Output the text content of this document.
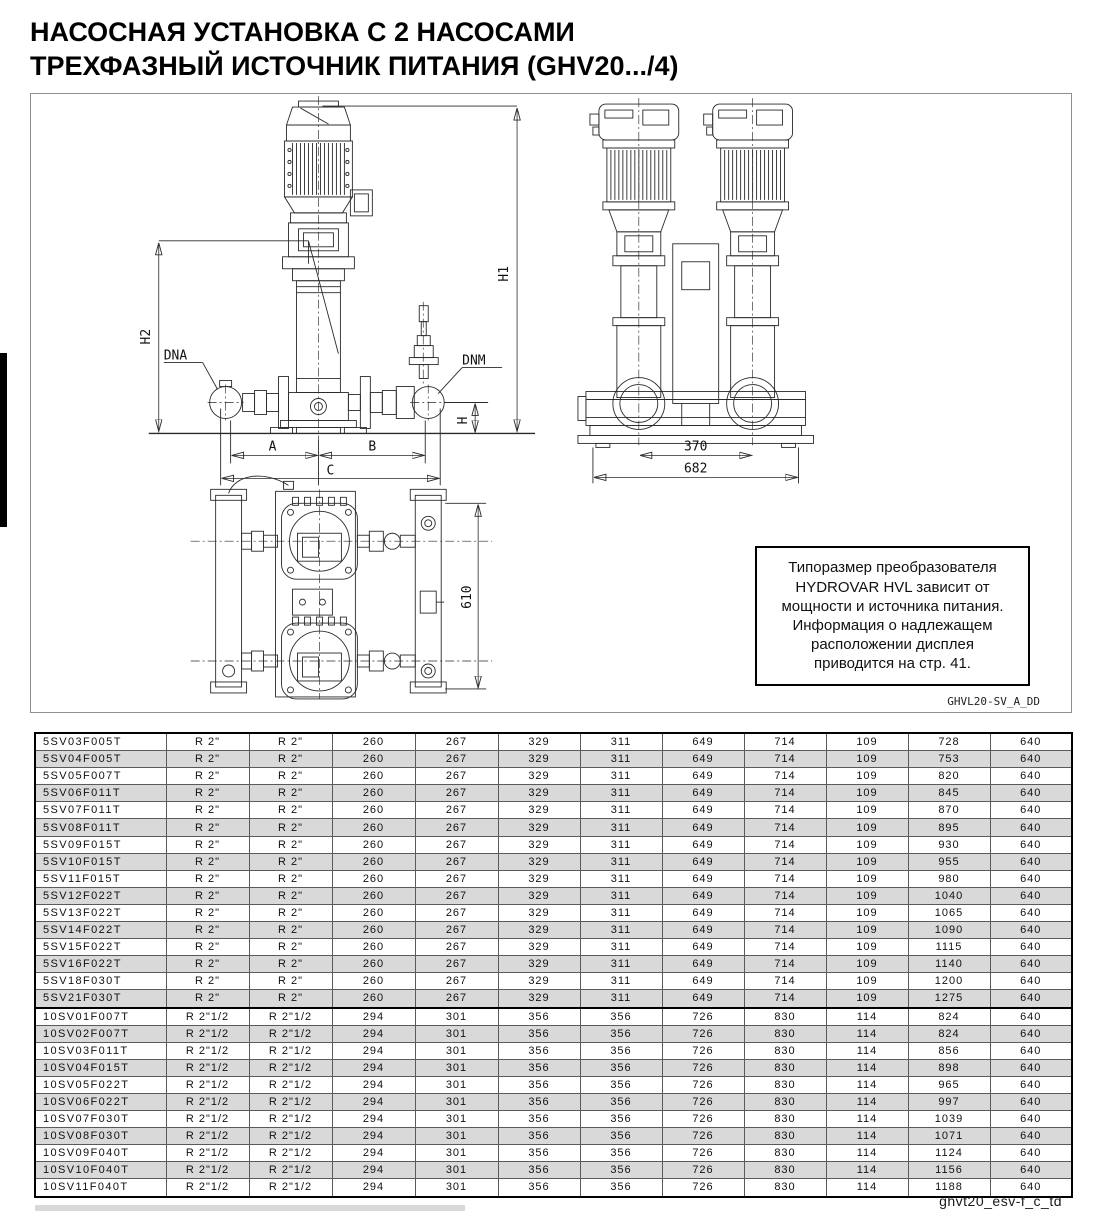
НАСОСНАЯ УСТАНОВКА С 2 НАСОСАМИ
ТРЕХФАЗНЫЙ ИСТОЧНИК ПИТАНИЯ (GHV20.../4)
H2
H1
H
DNA	DNM
A	B
C
370
682
610
Типоразмер преобразователя
HYDROVAR HVL зависит от
мощности и источника питания.
Информация о надлежащем
расположении дисплея
приводится на стр. 41.
GHVL20-SV_A_DD
5SV03F005T	R 2"	R 2"	260	267	329	311	649	714	109	728	640
5SV04F005T	R 2"	R 2"	260	267	329	311	649	714	109	753	640
5SV05F007T	R 2"	R 2"	260	267	329	311	649	714	109	820	640
5SV06F011T	R 2"	R 2"	260	267	329	311	649	714	109	845	640
5SV07F011T	R 2"	R 2"	260	267	329	311	649	714	109	870	640
5SV08F011T	R 2"	R 2"	260	267	329	311	649	714	109	895	640
5SV09F015T	R 2"	R 2"	260	267	329	311	649	714	109	930	640
5SV10F015T	R 2"	R 2"	260	267	329	311	649	714	109	955	640
5SV11F015T	R 2"	R 2"	260	267	329	311	649	714	109	980	640
5SV12F022T	R 2"	R 2"	260	267	329	311	649	714	109	1040	640
5SV13F022T	R 2"	R 2"	260	267	329	311	649	714	109	1065	640
5SV14F022T	R 2"	R 2"	260	267	329	311	649	714	109	1090	640
5SV15F022T	R 2"	R 2"	260	267	329	311	649	714	109	1115	640
5SV16F022T	R 2"	R 2"	260	267	329	311	649	714	109	1140	640
5SV18F030T	R 2"	R 2"	260	267	329	311	649	714	109	1200	640
5SV21F030T	R 2"	R 2"	260	267	329	311	649	714	109	1275	640
10SV01F007T	R 2"1/2	R 2"1/2	294	301	356	356	726	830	114	824	640
10SV02F007T	R 2"1/2	R 2"1/2	294	301	356	356	726	830	114	824	640
10SV03F011T	R 2"1/2	R 2"1/2	294	301	356	356	726	830	114	856	640
10SV04F015T	R 2"1/2	R 2"1/2	294	301	356	356	726	830	114	898	640
10SV05F022T	R 2"1/2	R 2"1/2	294	301	356	356	726	830	114	965	640
10SV06F022T	R 2"1/2	R 2"1/2	294	301	356	356	726	830	114	997	640
10SV07F030T	R 2"1/2	R 2"1/2	294	301	356	356	726	830	114	1039	640
10SV08F030T	R 2"1/2	R 2"1/2	294	301	356	356	726	830	114	1071	640
10SV09F040T	R 2"1/2	R 2"1/2	294	301	356	356	726	830	114	1124	640
10SV10F040T	R 2"1/2	R 2"1/2	294	301	356	356	726	830	114	1156	640
10SV11F040T	R 2"1/2	R 2"1/2	294	301	356	356	726	830	114	1188	640
ghvt20_esv-f_c_td
